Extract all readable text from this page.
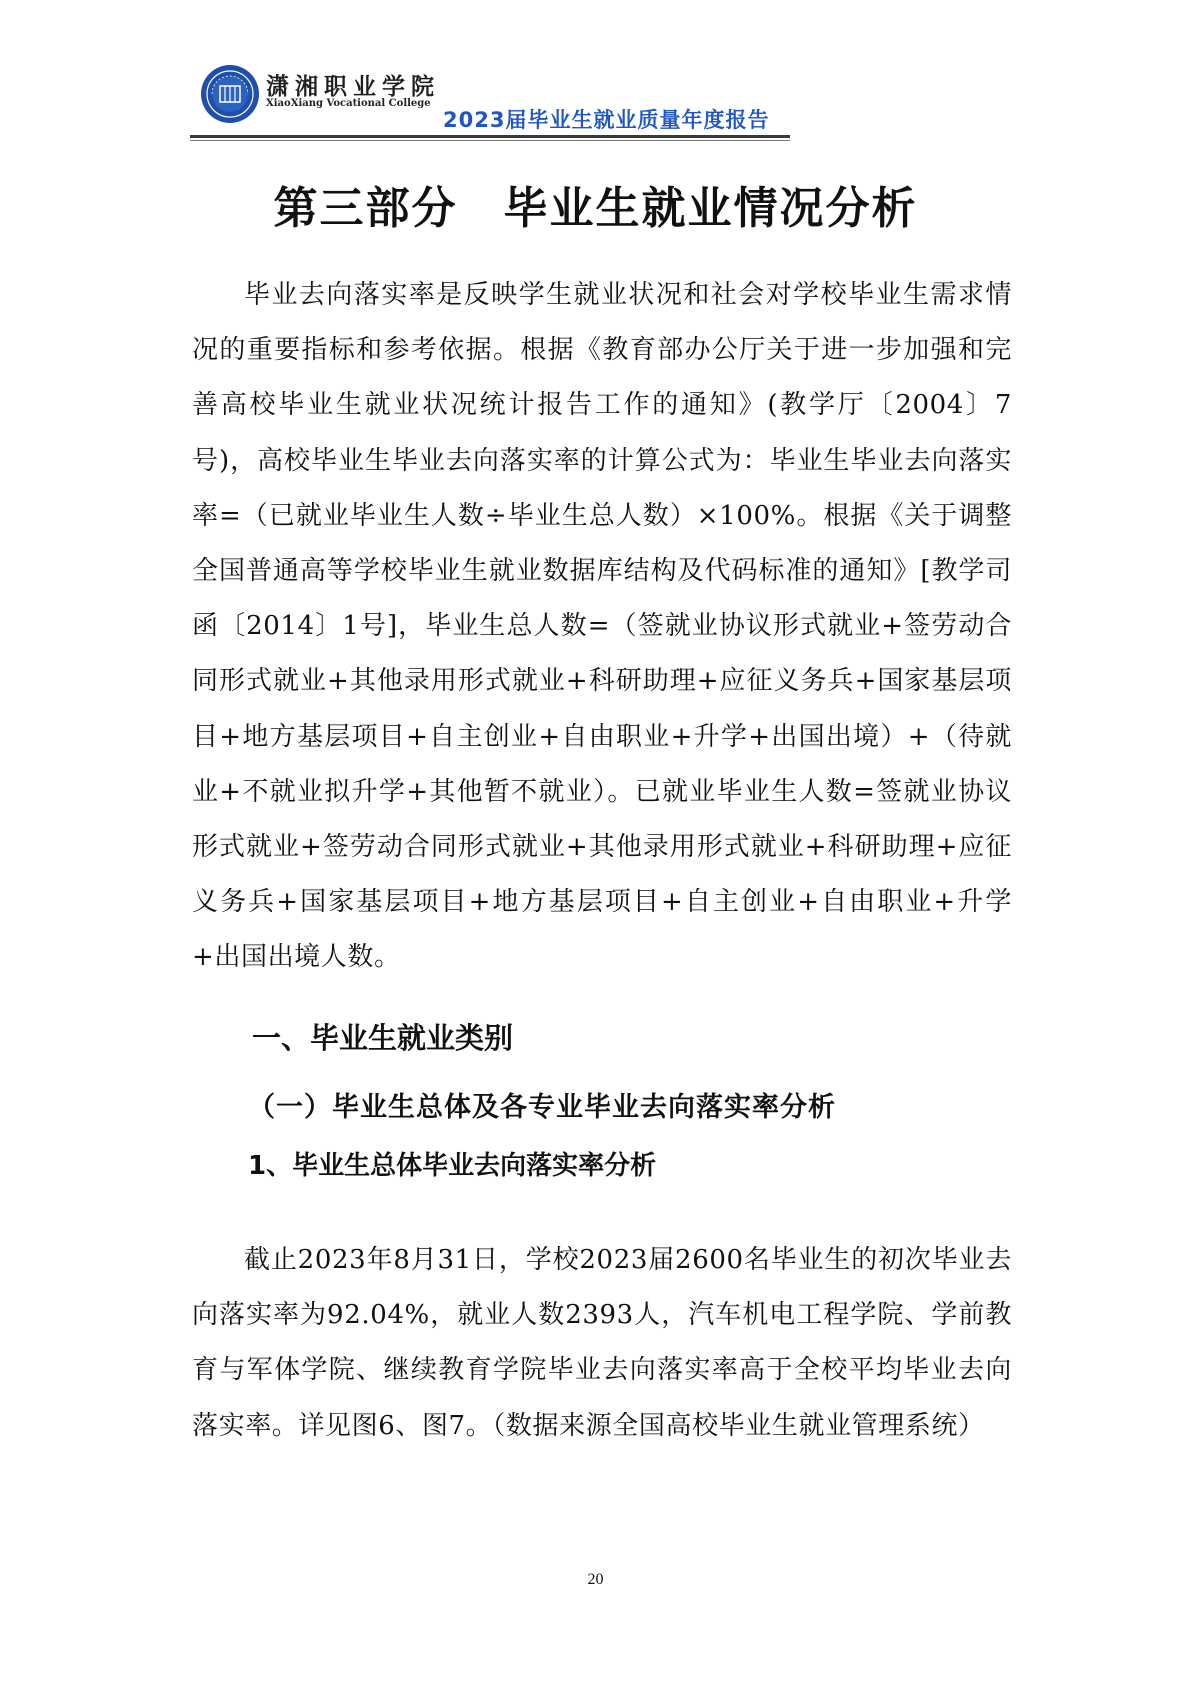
潇湘职业学院
XiaoXiang Vocational College
2023届毕业生就业质量年度报告
第三部分　毕业生就业情况分析

毕业去向落实率是反映学生就业状况和社会对学校毕业生需求情况的重要指标和参考依据。根据《教育部办公厅关于进一步加强和完善高校毕业生就业状况统计报告工作的通知》(教学厅〔2004〕7号)，高校毕业生毕业去向落实率的计算公式为：毕业生毕业去向落实率=（已就业毕业生人数÷毕业生总人数）×100%。根据《关于调整全国普通高等学校毕业生就业数据库结构及代码标准的通知》[教学司函〔2014〕1号]，毕业生总人数=（签就业协议形式就业+签劳动合同形式就业+其他录用形式就业+科研助理+应征义务兵+国家基层项目+地方基层项目+自主创业+自由职业+升学+出国出境）+（待就业+不就业拟升学+其他暂不就业）。已就业毕业生人数=签就业协议形式就业+签劳动合同形式就业+其他录用形式就业+科研助理+应征义务兵+国家基层项目+地方基层项目+自主创业+自由职业+升学+出国出境人数。

一、毕业生就业类别
（一）毕业生总体及各专业毕业去向落实率分析
1、毕业生总体毕业去向落实率分析

截止2023年8月31日，学校2023届2600名毕业生的初次毕业去向落实率为92.04%，就业人数2393人，汽车机电工程学院、学前教育与军体学院、继续教育学院毕业去向落实率高于全校平均毕业去向落实率。详见图6、图7。（数据来源全国高校毕业生就业管理系统）

20
